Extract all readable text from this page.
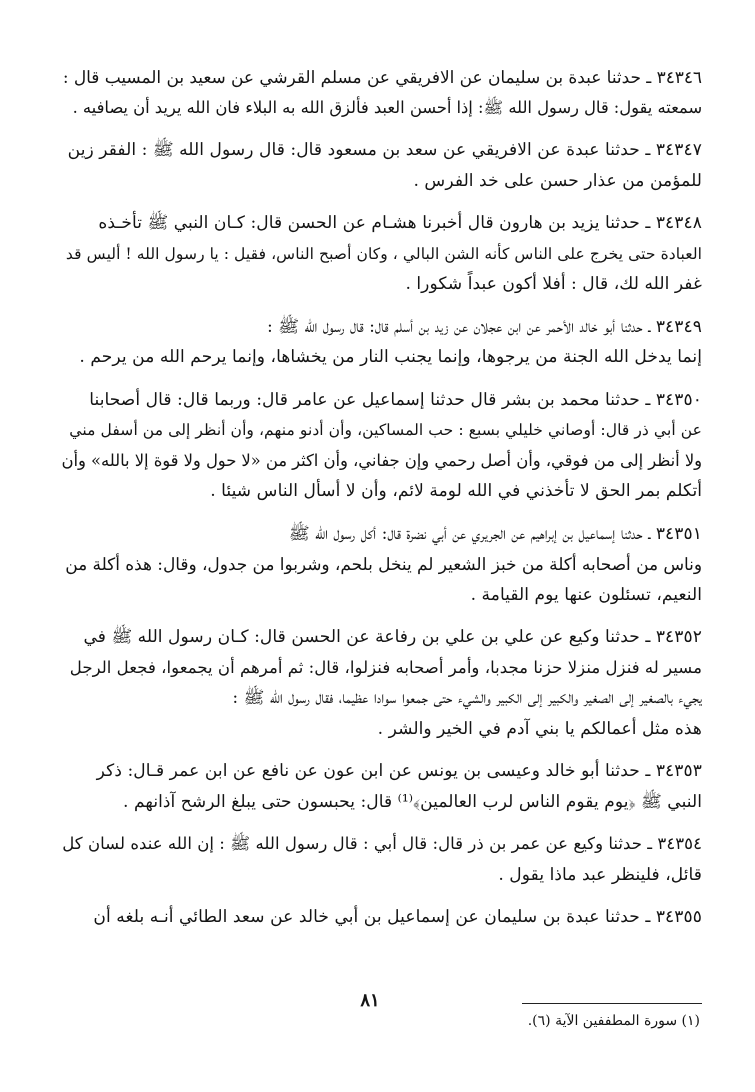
٣٤٣٤٦ ـ حدثنا عبدة بن سليمان عن الافريقي عن مسلم القرشي عن سعيد بن المسيب قال :
سمعته يقول: قال رسول الله ﷺ: إذا أحسن العبد فألزق الله به البلاء فان الله يريد أن يصافيه .
٣٤٣٤٧ ـ حدثنا عبدة عن الافريقي عن سعد بن مسعود قال: قال رسول الله ﷺ : الفقر زين
للمؤمن من عذار حسن على خد الفرس .
٣٤٣٤٨ ـ حدثنا يزيد بن هارون قال أخبرنا هشـام عن الحسن قال: كـان النبي ﷺ تأخـذه
العبادة حتى يخرج على الناس كأنه الشن البالي ، وكان أصبح الناس، فقيل : يا رسول الله ! أليس قد
غفر الله لك، قال : أفلا أكون عبداً شكورا .
٣٤٣٤٩ ـ حدثنا أبو خالد الأحمر عن ابن عجلان عن زيد بن أسلم قال: قال رسول الله ﷺ :
إنما يدخل الله الجنة من يرجوها، وإنما يجنب النار من يخشاها، وإنما يرحم الله من يرحم .
٣٤٣٥٠ ـ حدثنا محمد بن بشر قال حدثنا إسماعيل عن عامر قال: وربما قال: قال أصحابنا
عن أبي ذر قال: أوصاني خليلي بسبع : حب المساكين، وأن أدنو منهم، وأن أنظر إلى من أسفل مني
ولا أنظر إلى من فوقي، وأن أصل رحمي وإن جفاني، وأن اكثر من «لا حول ولا قوة إلا بالله» وأن
أتكلم بمر الحق لا تأخذني في الله لومة لائم، وأن لا أسأل الناس شيئا .
٣٤٣٥١ ـ حدثنا إسماعيل بن إبراهيم عن الجريري عن أبي نضرة قال: أكل رسول الله ﷺ
وناس من أصحابه أكلة من خبز الشعير لم ينخل بلحم، وشربوا من جدول، وقال: هذه أكلة من
النعيم، تسئلون عنها يوم القيامة .
٣٤٣٥٢ ـ حدثنا وكيع عن علي بن علي بن رفاعة عن الحسن قال: كـان رسول الله ﷺ في
مسير له فنزل منزلا حزنا مجدبا، وأمر أصحابه فنزلوا، قال: ثم أمرهم أن يجمعوا، فجعل الرجل
يجيء بالصغير إلى الصغير والكبير إلى الكبير والشيء حتى جمعوا سوادا عظيما، فقال رسول الله ﷺ :
هذه مثل أعمالكم يا بني آدم في الخير والشر .
٣٤٣٥٣ ـ حدثنا أبو خالد وعيسى بن يونس عن ابن عون عن نافع عن ابن عمر قـال: ذكر
النبي ﷺ ﴿يوم يقوم الناس لرب العالمين﴾⁽¹⁾ قال: يحبسون حتى يبلغ الرشح آذانهم .
٣٤٣٥٤ ـ حدثنا وكيع عن عمر بن ذر قال: قال أبي : قال رسول الله ﷺ : إن الله عنده لسان كل
قائل، فلينظر عبد ماذا يقول .
٣٤٣٥٥ ـ حدثنا عبدة بن سليمان عن إسماعيل بن أبي خالد عن سعد الطائي أنـه بلغه أن
٨١
(١) سورة المطففين الآية (٦).
